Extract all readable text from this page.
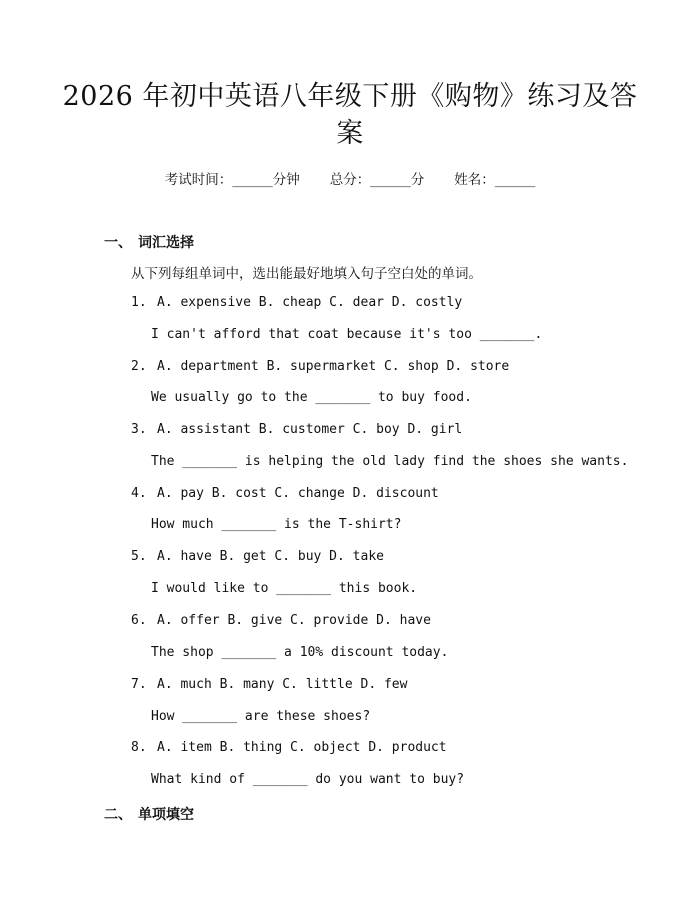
2026 年初中英语八年级下册《购物》练习及答案
考试时间：______分钟 总分：______分 姓名：______
一、 词汇选择
从下列每组单词中，选出能最好地填入句子空白处的单词。
1. A. expensive B. cheap C. dear D. costly
I can't afford that coat because it's too _______.
2. A. department B. supermarket C. shop D. store
We usually go to the _______ to buy food.
3. A. assistant B. customer C. boy D. girl
The _______ is helping the old lady find the shoes she wants.
4. A. pay B. cost C. change D. discount
How much _______ is the T-shirt?
5. A. have B. get C. buy D. take
I would like to _______ this book.
6. A. offer B. give C. provide D. have
The shop _______ a 10% discount today.
7. A. much B. many C. little D. few
How _______ are these shoes?
8. A. item B. thing C. object D. product
What kind of _______ do you want to buy?
二、 单项填空
